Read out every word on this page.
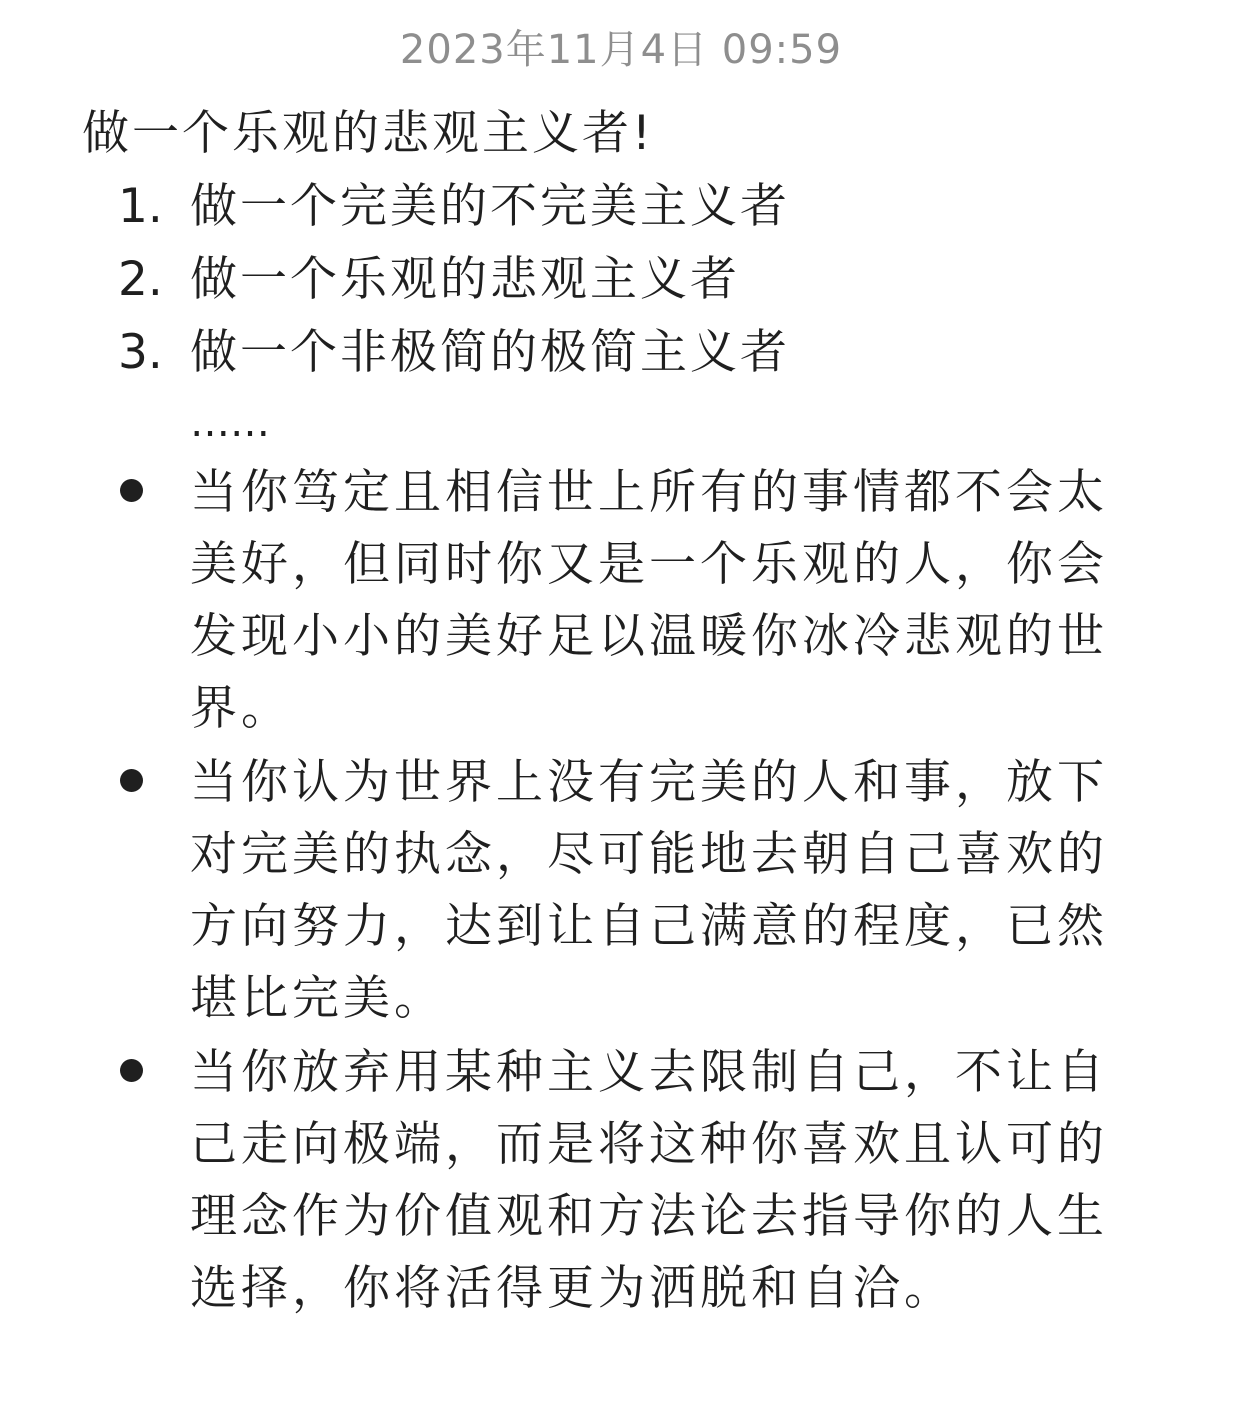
2023年11月4日 09:59
做一个乐观的悲观主义者!
1. 做一个完美的不完美主义者
2. 做一个乐观的悲观主义者
3. 做一个非极简的极简主义者
……
当你笃定且相信世上所有的事情都不会太美好，但同时你又是一个乐观的人，你会发现小小的美好足以温暖你冰冷悲观的世界。
当你认为世界上没有完美的人和事，放下对完美的执念，尽可能地去朝自己喜欢的方向努力，达到让自己满意的程度，已然堪比完美。
当你放弃用某种主义去限制自己，不让自己走向极端，而是将这种你喜欢且认可的理念作为价值观和方法论去指导你的人生选择，你将活得更为洒脱和自洽。
